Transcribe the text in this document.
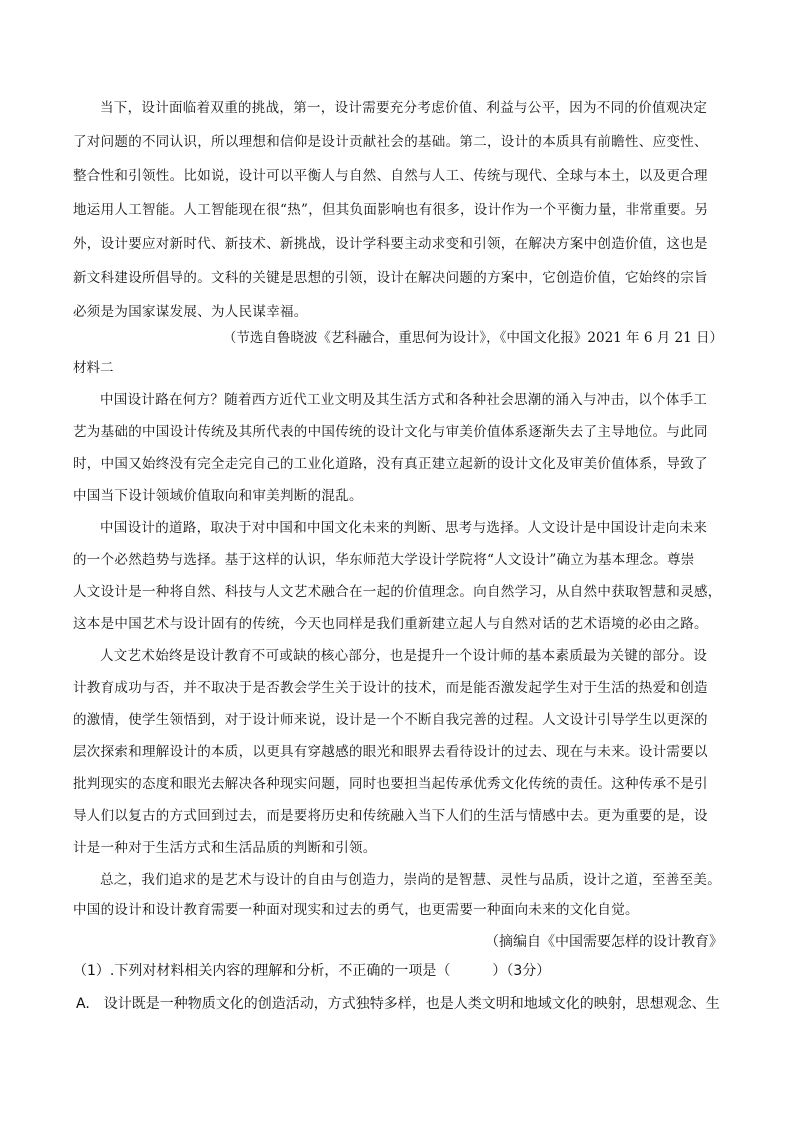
当下，设计面临着双重的挑战，第一，设计需要充分考虑价值、利益与公平，因为不同的价值观决定
了对问题的不同认识，所以理想和信仰是设计贡献社会的基础。第二，设计的本质具有前瞻性、应变性、
整合性和引领性。比如说，设计可以平衡人与自然、自然与人工、传统与现代、全球与本土，以及更合理
地运用人工智能。人工智能现在很“热”，但其负面影响也有很多，设计作为一个平衡力量，非常重要。另
外，设计要应对新时代、新技术、新挑战，设计学科要主动求变和引领，在解决方案中创造价值，这也是
新文科建设所倡导的。文科的关键是思想的引领，设计在解决问题的方案中，它创造价值，它始终的宗旨
必须是为国家谋发展、为人民谋幸福。
（节选自鲁晓波《艺科融合，重思何为设计》，《中国文化报》2021 年 6 月 21 日）
材料二
中国设计路在何方？随着西方近代工业文明及其生活方式和各种社会思潮的涌入与冲击，以个体手工
艺为基础的中国设计传统及其所代表的中国传统的设计文化与审美价值体系逐渐失去了主导地位。与此同
时，中国又始终没有完全走完自己的工业化道路，没有真正建立起新的设计文化及审美价值体系，导致了
中国当下设计领域价值取向和审美判断的混乱。
中国设计的道路，取决于对中国和中国文化未来的判断、思考与选择。人文设计是中国设计走向未来
的一个必然趋势与选择。基于这样的认识，华东师范大学设计学院将“人文设计”确立为基本理念。尊崇
人文设计是一种将自然、科技与人文艺术融合在一起的价值理念。向自然学习，从自然中获取智慧和灵感，
这本是中国艺术与设计固有的传统，今天也同样是我们重新建立起人与自然对话的艺术语境的必由之路。
人文艺术始终是设计教育不可或缺的核心部分，也是提升一个设计师的基本素质最为关键的部分。设
计教育成功与否，并不取决于是否教会学生关于设计的技术，而是能否激发起学生对于生活的热爱和创造
的激情，使学生领悟到，对于设计师来说，设计是一个不断自我完善的过程。人文设计引导学生以更深的
层次探索和理解设计的本质，以更具有穿越感的眼光和眼界去看待设计的过去、现在与未来。设计需要以
批判现实的态度和眼光去解决各种现实问题，同时也要担当起传承优秀文化传统的责任。这种传承不是引
导人们以复古的方式回到过去，而是要将历史和传统融入当下人们的生活与情感中去。更为重要的是，设
计是一种对于生活方式和生活品质的判断和引领。
总之，我们追求的是艺术与设计的自由与创造力，崇尚的是智慧、灵性与品质，设计之道，至善至美。
中国的设计和设计教育需要一种面对现实和过去的勇气，也更需要一种面向未来的文化自觉。
（摘编自《中国需要怎样的设计教育》
（1）.下列对材料相关内容的理解和分析，不正确的一项是（　　　）（3分）
A.　设计既是一种物质文化的创造活动，方式独特多样，也是人类文明和地域文化的映射，思想观念、生
